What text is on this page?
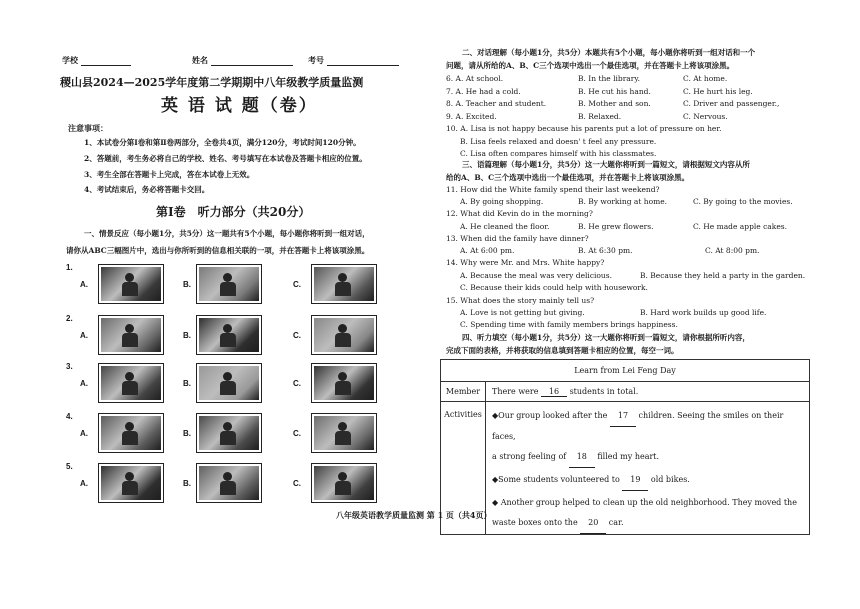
学校	姓名	考号
稷山县2024—2025学年度第二学期期中八年级教学质量监测
英 语 试 题（卷）
注意事项：
1、本试卷分第Ⅰ卷和第Ⅱ卷两部分，全卷共4页，满分120分，考试时间120分钟。
2、答题前，考生务必将自己的学校、姓名、考号填写在本试卷及答题卡相应的位置。
3、考生全部在答题卡上完成，答在本试卷上无效。
4、考试结束后，务必将答题卡交回。
第Ⅰ卷　听力部分（共20分）
一、情景反应（每小题1分，共5分）这一题共有5个小题，每小题你将听到一组对话，
请你从ABC三幅图片中，选出与你所听到的信息相关联的一项，并在答题卡上将该项涂黑。
1.
A.	B.	C.
2.
A.	B.	C.
3.
A.	B.	C.
4.
A.	B.	C.
5.
A.	B.	C.
二、对话理解（每小题1分，共5分）本题共有5个小题，每小题你将听到一组对话和一个
问题，请从所给的A、B、C三个选项中选出一个最佳选项，并在答题卡上将该项涂黑。
6. A. At school.	B. In the library.	C. At home.
7. A. He had a cold.	B. He cut his hand.	C. He hurt his leg.
8. A. Teacher and student.	B. Mother and son.	C. Driver and passenger.,
9. A. Excited.	B. Relaxed.	C. Nervous.
10. A. Lisa is not happy because his parents put a lot of pressure on her.
B. Lisa feels relaxed and doesn' t feel any pressure.
C. Lisa often compares himself with his classmates.
三、语篇理解（每小题1分，共5分）这一大题你将听到一篇短文，请根据短文内容从所
给的A、B、C三个选项中选出一个最佳选项，并在答题卡上将该项涂黑。
11. How did the White family spend their last weekend?
A. By going shopping.	B. By working at home.	C. By going to the movies.
12. What did Kevin do in the morning?
A. He cleaned the floor.	B. He grew flowers.	C. He made apple cakes.
13. When did the family have dinner?
A. At 6:00 pm.	B. At 6:30 pm.	C. At 8:00 pm.
14. Why were Mr. and Mrs. White happy?
A. Because the meal was very delicious.	B. Because they held a party in the garden.
C. Because their kids could help with housework.
15. What does the story mainly tell us?
A. Love is not getting but giving.	B. Hard work builds up good life.
C. Spending time with family members brings happiness.
四、听力填空（每小题1分，共5分）这一大题你将听到一篇短文，请你根据所听内容，
完成下面的表格，并将获取的信息填到答题卡相应的位置，每空一词。
Learn from Lei Feng Day	
Member	There were 16 students in total.
Activities	◆Our group looked after the 17 children. Seeing the smiles on their faces,
a strong feeling of 18 filled my heart.
◆Some students volunteered to 19 old bikes.
◆ Another group helped to clean up the old neighborhood. They moved the
waste boxes onto the 20 car.
八年级英语教学质量监测 第 1 页（共4页）
